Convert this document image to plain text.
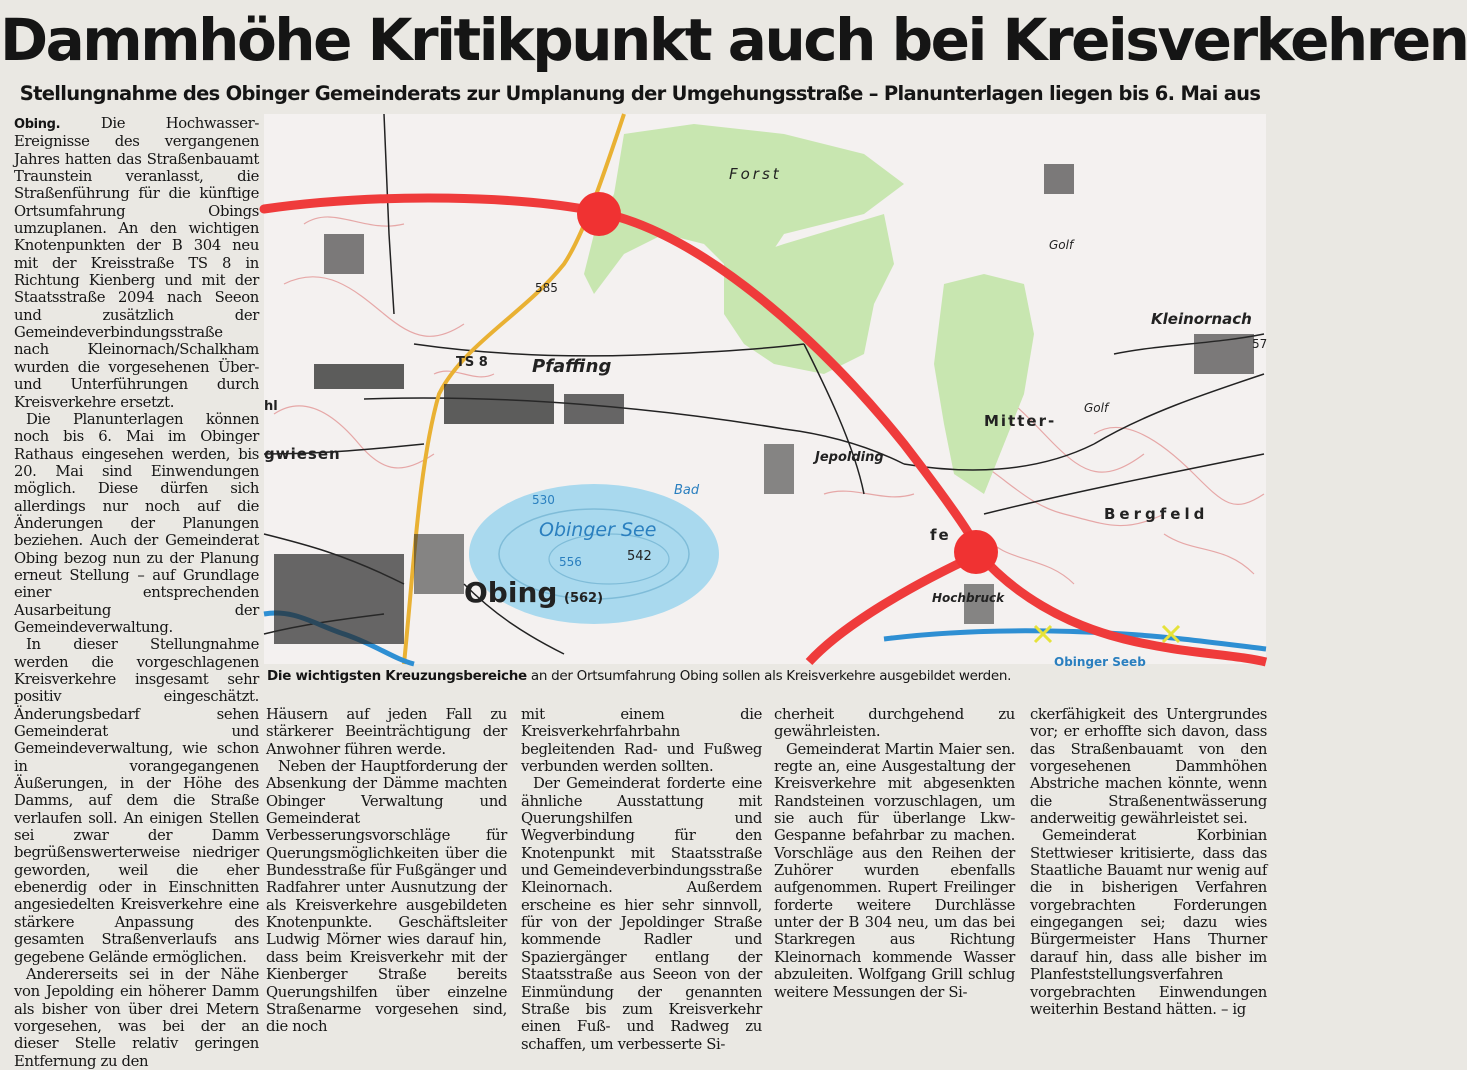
Dammhöhe Kritikpunkt auch bei Kreisverkehren
Stellungnahme des Obinger Gemeinderats zur Umplanung der Umgehungsstraße – Planunterlagen liegen bis 6. Mai aus

Obing.	Die Hochwasser-Ereignisse des vergangenen Jahres hatten das Straßenbauamt Traunstein veranlasst, die Straßenführung für die künftige Ortsumfahrung Obings umzuplanen. An den wichtigen Knotenpunkten der B 304 neu mit der Kreisstraße TS 8 in Richtung Kienberg und mit der Staatsstraße 2094 nach Seeon und zusätzlich der Gemeindeverbindungsstraße nach Kleinornach/Schalkham wurden die vorgesehenen Über- und Unterführungen durch Kreisverkehre ersetzt.

Die Planunterlagen können noch bis 6. Mai im Obinger Rathaus eingesehen werden, bis 20. Mai sind Einwendungen möglich. Diese dürfen sich allerdings nur noch auf die Änderungen der Planungen beziehen. Auch der Gemeinderat Obing bezog nun zu der Planung erneut Stellung – auf Grundlage einer entsprechenden Ausarbeitung der Gemeindeverwaltung.

In dieser Stellungnahme werden die vorgeschlagenen Kreisverkehre insgesamt sehr positiv eingeschätzt. Änderungsbedarf sehen Gemeinderat und Gemeindeverwaltung, wie schon in vorangegangenen Äußerungen, in der Höhe des Damms, auf dem die Straße verlaufen soll. An einigen Stellen sei zwar der Damm begrüßenswerterweise niedriger geworden, weil die eher ebenerdig oder in Einschnitten angesiedelten Kreisverkehre eine stärkere Anpassung des gesamten Straßenverlaufs ans gegebene Gelände ermöglichen.

Andererseits sei in der Nähe von Jepolding ein höherer Damm als bisher von über drei Metern vorgesehen, was bei der an dieser Stelle relativ geringen Entfernung zu den

Forst
Golf
Golf
Kleinornach
TS 8 Pfaffing
gwiesen	Jepolding
Bad
Obinger See
Obing (562)
585
530
556	542
57
Mitter-
fe
Bergfeld
Hochbruck
hl
Obinger Seeb
Die wichtigsten Kreuzungsbereiche an der Ortsumfahrung Obing sollen als Kreisverkehre ausgebildet werden.

Häusern auf jeden Fall zu stärkerer Beeinträchtigung der Anwohner führen werde.

Neben der Hauptforderung der Absenkung der Dämme machten Obinger Verwaltung und Gemeinderat Verbesserungsvorschläge für Querungsmöglichkeiten über die Bundesstraße für Fußgänger und Radfahrer unter Ausnutzung der als Kreisverkehre ausgebildeten Knotenpunkte. Geschäftsleiter Ludwig Mörner wies darauf hin, dass beim Kreisverkehr mit der Kienberger Straße bereits Querungshilfen über einzelne Straßenarme vorgesehen sind, die noch

mit einem die Kreisverkehrfahrbahn begleitenden Rad- und Fußweg verbunden werden sollten.

Der Gemeinderat forderte eine ähnliche Ausstattung mit Querungshilfen und Wegverbindung für den Knotenpunkt mit Staatsstraße und Gemeindeverbindungsstraße Kleinornach. Außerdem erscheine es hier sehr sinnvoll, für von der Jepoldinger Straße kommende Radler und Spaziergänger entlang der Staatsstraße aus Seeon von der Einmündung der genannten Straße bis zum Kreisverkehr einen Fuß- und Radweg zu schaffen, um verbesserte Si-

cherheit durchgehend zu gewährleisten.

Gemeinderat Martin Maier sen. regte an, eine Ausgestaltung der Kreisverkehre mit abgesenkten Randsteinen vorzuschlagen, um sie auch für überlange Lkw-Gespanne befahrbar zu machen. Vorschläge aus den Reihen der Zuhörer wurden ebenfalls aufgenommen. Rupert Freilinger forderte weitere Durchlässe unter der B 304 neu, um das bei Starkregen aus Richtung Kleinornach kommende Wasser abzuleiten. Wolfgang Grill schlug weitere Messungen der Si-

ckerfähigkeit des Untergrundes vor; er erhoffte sich davon, dass das Straßenbauamt von den vorgesehenen Dammhöhen Abstriche machen könnte, wenn die Straßenentwässerung anderweitig gewährleistet sei.

Gemeinderat Korbinian Stettwieser kritisierte, dass das Staatliche Bauamt nur wenig auf die in bisherigen Verfahren vorgebrachten Forderungen eingegangen sei; dazu wies Bürgermeister Hans Thurner darauf hin, dass alle bisher im Planfeststellungsverfahren vorgebrachten Einwendungen weiterhin Bestand hätten. – ig
